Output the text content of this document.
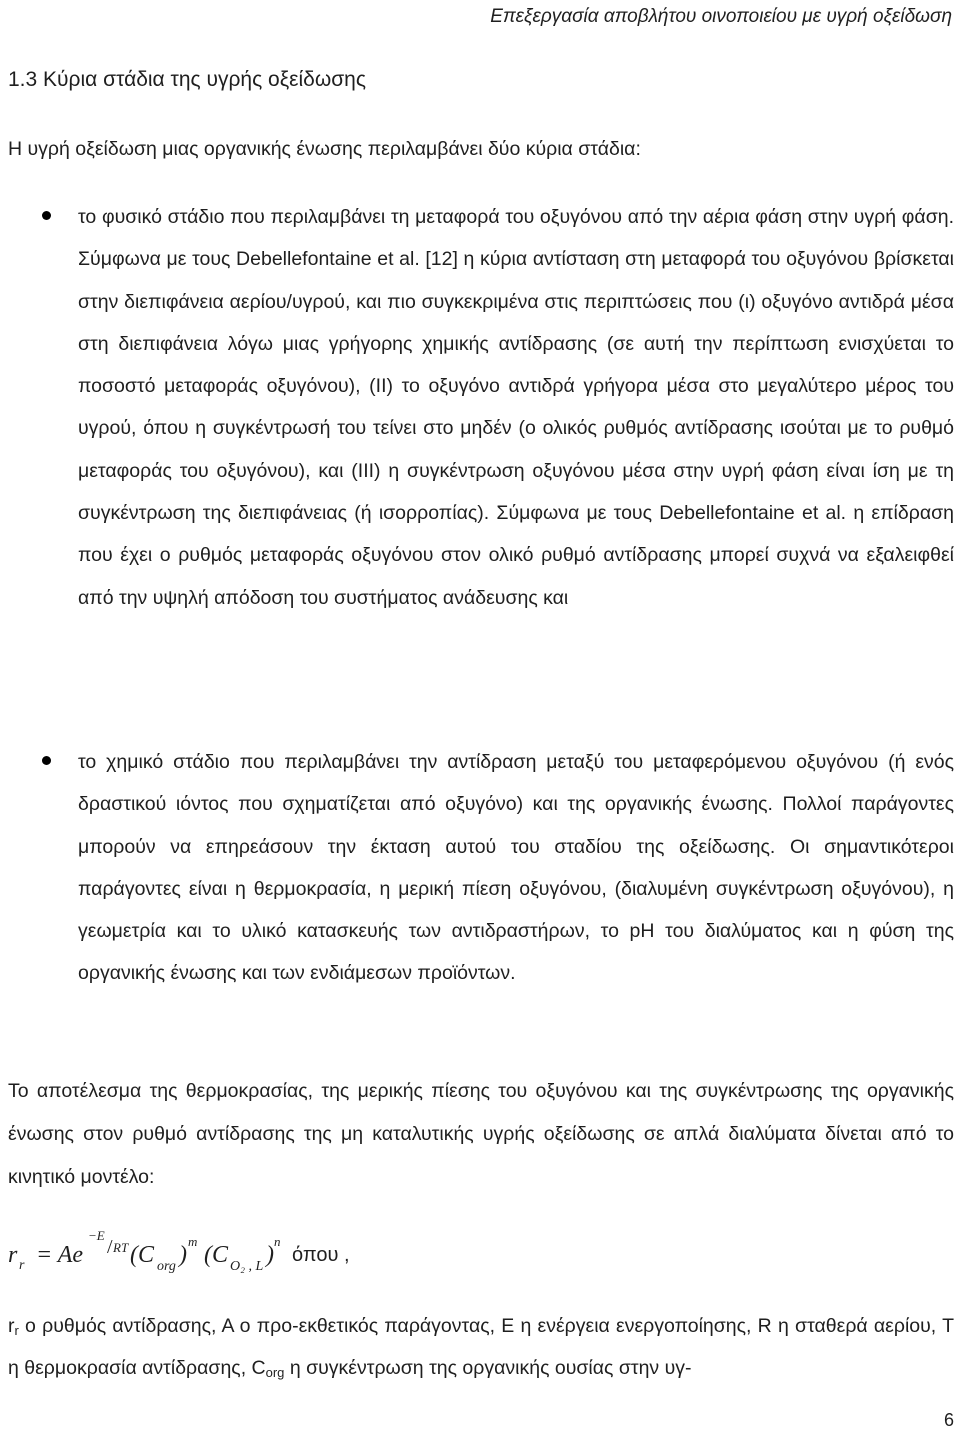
Επεξεργασία αποβλήτου οινοποιείου με υγρή οξείδωση
1.3 Κύρια στάδια της υγρής οξείδωσης
Η υγρή οξείδωση μιας οργανικής ένωσης περιλαμβάνει δύο κύρια στάδια:
το φυσικό στάδιο που περιλαμβάνει τη μεταφορά του οξυγόνου από την αέρια φάση στην υγρή φάση. Σύμφωνα με τους Debellefontaine et al. [12] η κύρια αντίσταση στη μεταφορά του οξυγόνου βρίσκεται στην διεπιφάνεια αερίου/υγρού, και πιο συγκεκριμένα στις περιπτώσεις που (ι) οξυγόνο αντιδρά μέσα στη διεπιφάνεια λόγω μιας γρήγορης χημικής αντίδρασης (σε αυτή την περίπτωση ενισχύεται το ποσοστό μεταφοράς οξυγόνου), (ΙΙ) το οξυγόνο αντιδρά γρήγορα μέσα στο μεγαλύτερο μέρος του υγρού, όπου η συγκέντρωσή του τείνει στο μηδέν (ο ολικός ρυθμός αντίδρασης ισούται με το ρυθμό μεταφοράς του οξυγόνου), και (ΙΙΙ) η συγκέντρωση οξυγόνου μέσα στην υγρή φάση είναι ίση με τη συγκέντρωση της διεπιφάνειας (ή ισορροπίας). Σύμφωνα με τους Debellefontaine et al. η επίδραση που έχει ο ρυθμός μεταφοράς οξυγόνου στον ολικό ρυθμό αντίδρασης μπορεί συχνά να εξαλειφθεί από την υψηλή απόδοση του συστήματος ανάδευσης και
το χημικό στάδιο που περιλαμβάνει την αντίδραση μεταξύ του μεταφερόμενου οξυγόνου (ή ενός δραστικού ιόντος που σχηματίζεται από οξυγόνο) και της οργανικής ένωσης. Πολλοί παράγοντες μπορούν να επηρεάσουν την έκταση αυτού του σταδίου της οξείδωσης. Οι σημαντικότεροι παράγοντες είναι η θερμοκρασία, η μερική πίεση οξυγόνου, (διαλυμένη συγκέντρωση οξυγόνου), η γεωμετρία και το υλικό κατασκευής των αντιδραστήρων, το pH του διαλύματος και η φύση της οργανικής ένωσης και των ενδιάμεσων προϊόντων.
Το αποτέλεσμα της θερμοκρασίας, της μερικής πίεσης του οξυγόνου και της συγκέντρωσης της οργανικής ένωσης στον ρυθμό αντίδρασης της μη καταλυτικής υγρής οξείδωσης σε απλά διαλύματα δίνεται από το κινητικό μοντέλο:
r r = Ae
−E
/ RT (C org )
m
(C O₂ , L )
n
όπου ,
$r_r$ ο ρυθμός αντίδρασης, Α ο προ-εκθετικός παράγοντας, Ε η ενέργεια ενεργοποίησης, R η σταθερά αερίου, Τ η θερμοκρασία αντίδρασης, $C_{org}$ η συγκέντρωση της οργανικής ουσίας στην υγ-
6
